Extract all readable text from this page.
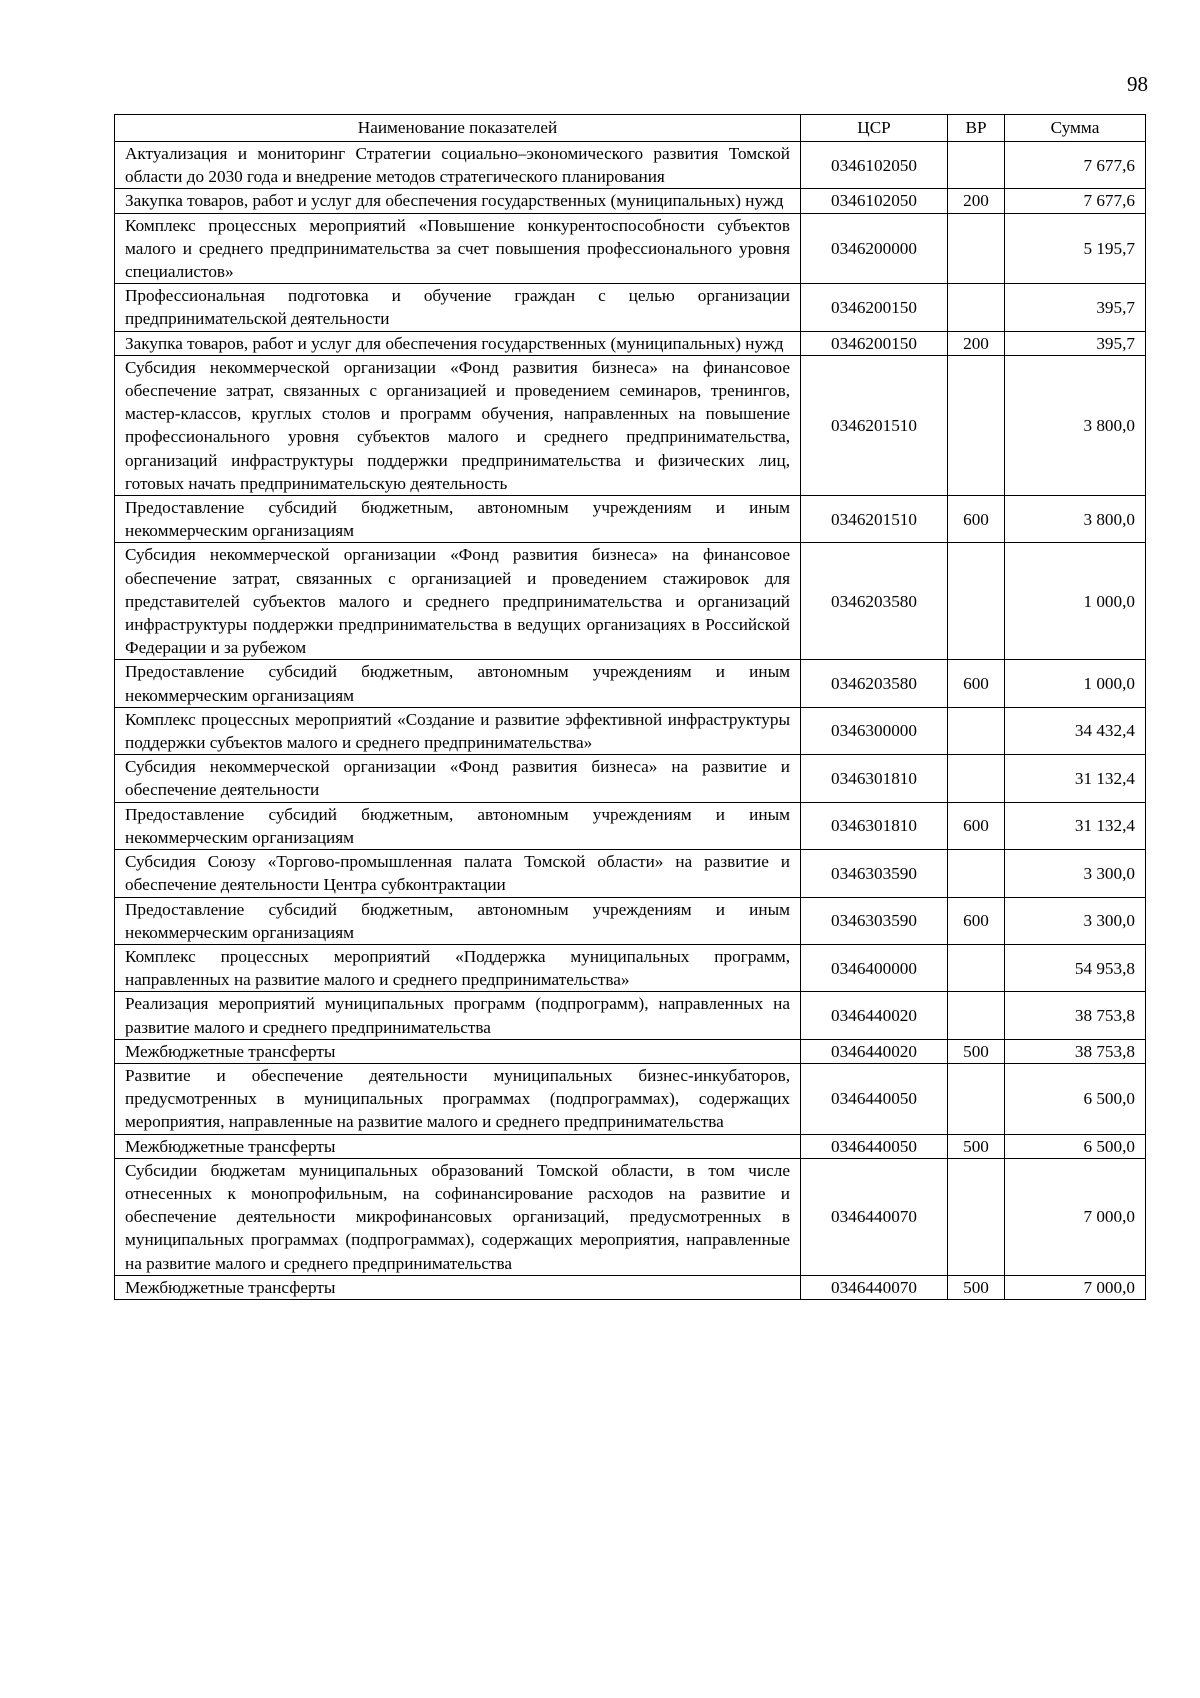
98
Наименование показателей	ЦСР	ВР	Сумма
Актуализация и мониторинг Стратегии социально–экономического развития Томской области до 2030 года и внедрение методов стратегического планирования	0346102050		7 677,6
Закупка товаров, работ и услуг для обеспечения государственных (муниципальных) нужд	0346102050	200	7 677,6
Комплекс процессных мероприятий «Повышение конкурентоспособности субъектов малого и среднего предпринимательства за счет повышения профессионального уровня специалистов»	0346200000		5 195,7
Профессиональная подготовка и обучение граждан с целью организации предпринимательской деятельности	0346200150		395,7
Закупка товаров, работ и услуг для обеспечения государственных (муниципальных) нужд	0346200150	200	395,7
Субсидия некоммерческой организации «Фонд развития бизнеса» на финансовое обеспечение затрат, связанных с организацией и проведением семинаров, тренингов, мастер-классов, круглых столов и программ обучения, направленных на повышение профессионального уровня субъектов малого и среднего предпринимательства, организаций инфраструктуры поддержки предпринимательства и физических лиц, готовых начать предпринимательскую деятельность	0346201510		3 800,0
Предоставление субсидий бюджетным, автономным учреждениям и иным некоммерческим организациям	0346201510	600	3 800,0
Субсидия некоммерческой организации «Фонд развития бизнеса» на финансовое обеспечение затрат, связанных с организацией и проведением стажировок для представителей субъектов малого и среднего предпринимательства и организаций инфраструктуры поддержки предпринимательства в ведущих организациях в Российской Федерации и за рубежом	0346203580		1 000,0
Предоставление субсидий бюджетным, автономным учреждениям и иным некоммерческим организациям	0346203580	600	1 000,0
Комплекс процессных мероприятий «Создание и развитие эффективной инфраструктуры поддержки субъектов малого и среднего предпринимательства»	0346300000		34 432,4
Субсидия некоммерческой организации «Фонд развития бизнеса» на развитие и обеспечение деятельности	0346301810		31 132,4
Предоставление субсидий бюджетным, автономным учреждениям и иным некоммерческим организациям	0346301810	600	31 132,4
Субсидия Союзу «Торгово-промышленная палата Томской области» на развитие и обеспечение деятельности Центра субконтрактации	0346303590		3 300,0
Предоставление субсидий бюджетным, автономным учреждениям и иным некоммерческим организациям	0346303590	600	3 300,0
Комплекс процессных мероприятий «Поддержка муниципальных программ, направленных на развитие малого и среднего предпринимательства»	0346400000		54 953,8
Реализация мероприятий муниципальных программ (подпрограмм), направленных на развитие малого и среднего предпринимательства	0346440020		38 753,8
Межбюджетные трансферты	0346440020	500	38 753,8
Развитие и обеспечение деятельности муниципальных бизнес-инкубаторов, предусмотренных в муниципальных программах (подпрограммах), содержащих мероприятия, направленные на развитие малого и среднего предпринимательства	0346440050		6 500,0
Межбюджетные трансферты	0346440050	500	6 500,0
Субсидии бюджетам муниципальных образований Томской области, в том числе отнесенных к монопрофильным, на софинансирование расходов на развитие и обеспечение деятельности микрофинансовых организаций, предусмотренных в муниципальных программах (подпрограммах), содержащих мероприятия, направленные на развитие малого и среднего предпринимательства	0346440070		7 000,0
Межбюджетные трансферты	0346440070	500	7 000,0
